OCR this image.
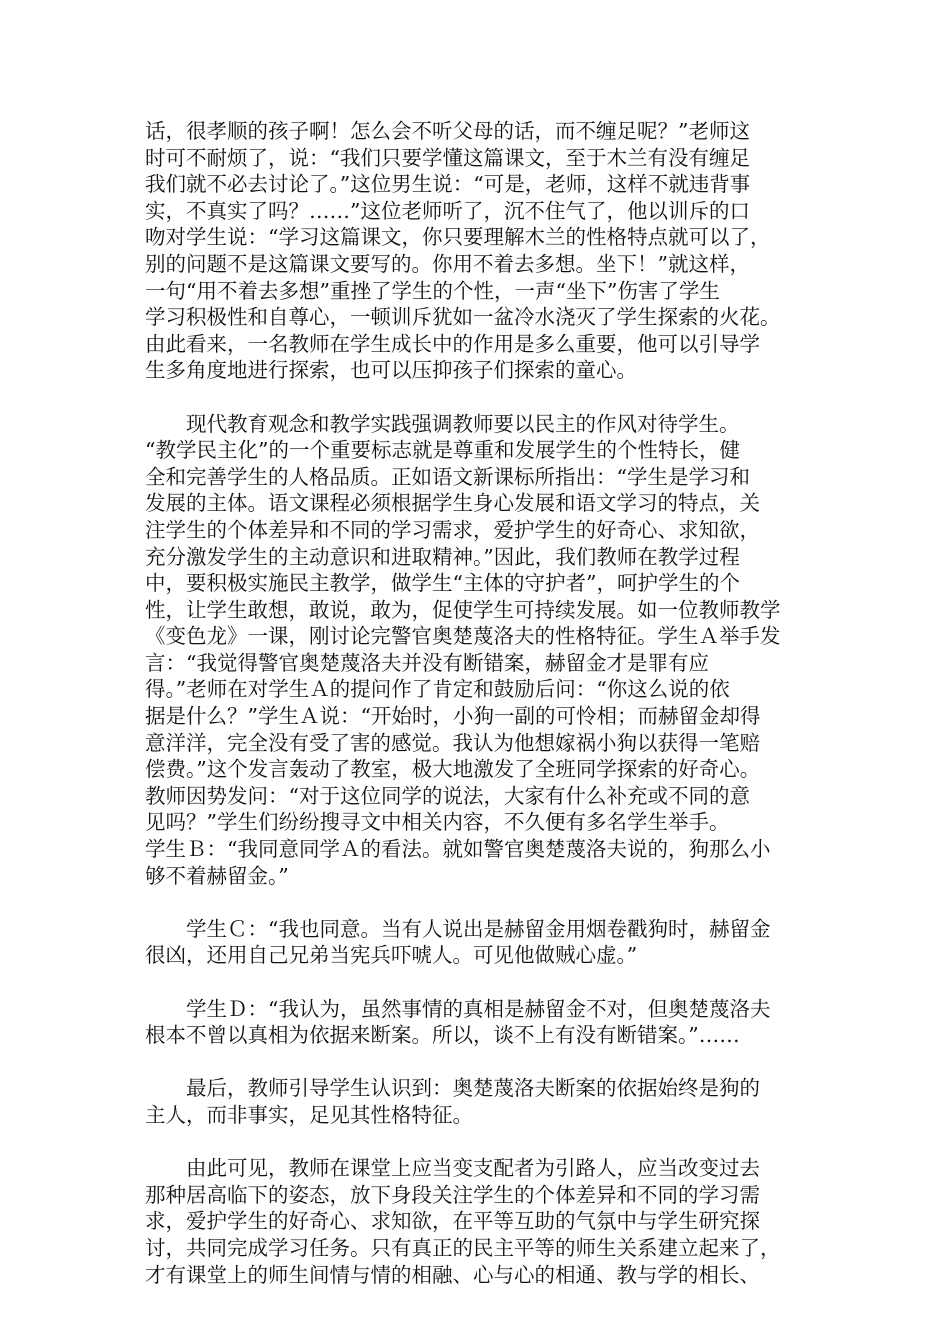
话，很孝顺的孩子啊！怎么会不听父母的话，而不缠足呢？”老师这
时可不耐烦了，说：“我们只要学懂这篇课文，至于木兰有没有缠足
我们就不必去讨论了。”这位男生说：“可是，老师，这样不就违背事
实，不真实了吗？……”这位老师听了，沉不住气了，他以训斥的口
吻对学生说：“学习这篇课文，你只要理解木兰的性格特点就可以了，
别的问题不是这篇课文要写的。你用不着去多想。坐下！”就这样，
一句“用不着去多想”重挫了学生的个性，一声“坐下”伤害了学生
学习积极性和自尊心，一顿训斥犹如一盆冷水浇灭了学生探索的火花。
由此看来，一名教师在学生成长中的作用是多么重要，他可以引导学
生多角度地进行探索，也可以压抑孩子们探索的童心。
　　现代教育观念和教学实践强调教师要以民主的作风对待学生。
“教学民主化”的一个重要标志就是尊重和发展学生的个性特长，健
全和完善学生的人格品质。正如语文新课标所指出：“学生是学习和
发展的主体。语文课程必须根据学生身心发展和语文学习的特点，关
注学生的个体差异和不同的学习需求，爱护学生的好奇心、求知欲，
充分激发学生的主动意识和进取精神。”因此，我们教师在教学过程
中，要积极实施民主教学，做学生“主体的守护者”，呵护学生的个
性，让学生敢想，敢说，敢为，促使学生可持续发展。如一位教师教学
《变色龙》一课，刚讨论完警官奥楚蔑洛夫的性格特征。学生Ａ举手发
言：“我觉得警官奥楚蔑洛夫并没有断错案，赫留金才是罪有应
得。”老师在对学生Ａ的提问作了肯定和鼓励后问：“你这么说的依
据是什么？”学生Ａ说：“开始时，小狗一副的可怜相；而赫留金却得
意洋洋，完全没有受了害的感觉。我认为他想嫁祸小狗以获得一笔赔
偿费。”这个发言轰动了教室，极大地激发了全班同学探索的好奇心。
教师因势发问：“对于这位同学的说法，大家有什么补充或不同的意
见吗？”学生们纷纷搜寻文中相关内容，不久便有多名学生举手。
学生Ｂ：“我同意同学Ａ的看法。就如警官奥楚蔑洛夫说的，狗那么小
够不着赫留金。”
　　学生Ｃ：“我也同意。当有人说出是赫留金用烟卷戳狗时，赫留金
很凶，还用自己兄弟当宪兵吓唬人。可见他做贼心虚。”
　　学生Ｄ：“我认为，虽然事情的真相是赫留金不对，但奥楚蔑洛夫
根本不曾以真相为依据来断案。所以，谈不上有没有断错案。”……
　　最后，教师引导学生认识到：奥楚蔑洛夫断案的依据始终是狗的
主人，而非事实，足见其性格特征。
　　由此可见，教师在课堂上应当变支配者为引路人，应当改变过去
那种居高临下的姿态，放下身段关注学生的个体差异和不同的学习需
求，爱护学生的好奇心、求知欲，在平等互助的气氛中与学生研究探
讨，共同完成学习任务。只有真正的民主平等的师生关系建立起来了，
才有课堂上的师生间情与情的相融、心与心的相通、教与学的相长、
